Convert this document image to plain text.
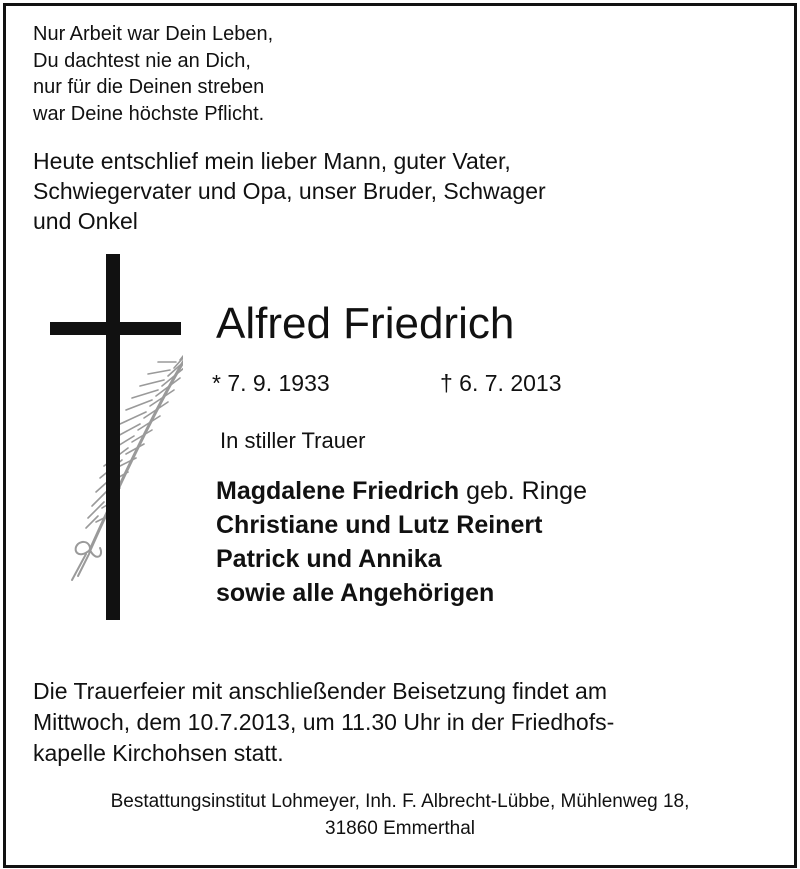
Nur Arbeit war Dein Leben,
Du dachtest nie an Dich,
nur für die Deinen streben
war Deine höchste Pflicht.
Heute entschlief mein lieber Mann, guter Vater,
Schwiegervater und Opa, unser Bruder, Schwager
und Onkel
Alfred Friedrich
* 7. 9. 1933	† 6. 7. 2013
In stiller Trauer
Magdalene Friedrich geb. Ringe
Christiane und Lutz Reinert
Patrick und Annika
sowie alle Angehörigen
Die Trauerfeier mit anschließender Beisetzung findet am
Mittwoch, dem 10.7.2013, um 11.30 Uhr in der Friedhofs-
kapelle Kirchohsen statt.
Bestattungsinstitut Lohmeyer, Inh. F. Albrecht-Lübbe, Mühlenweg 18,
31860 Emmerthal
